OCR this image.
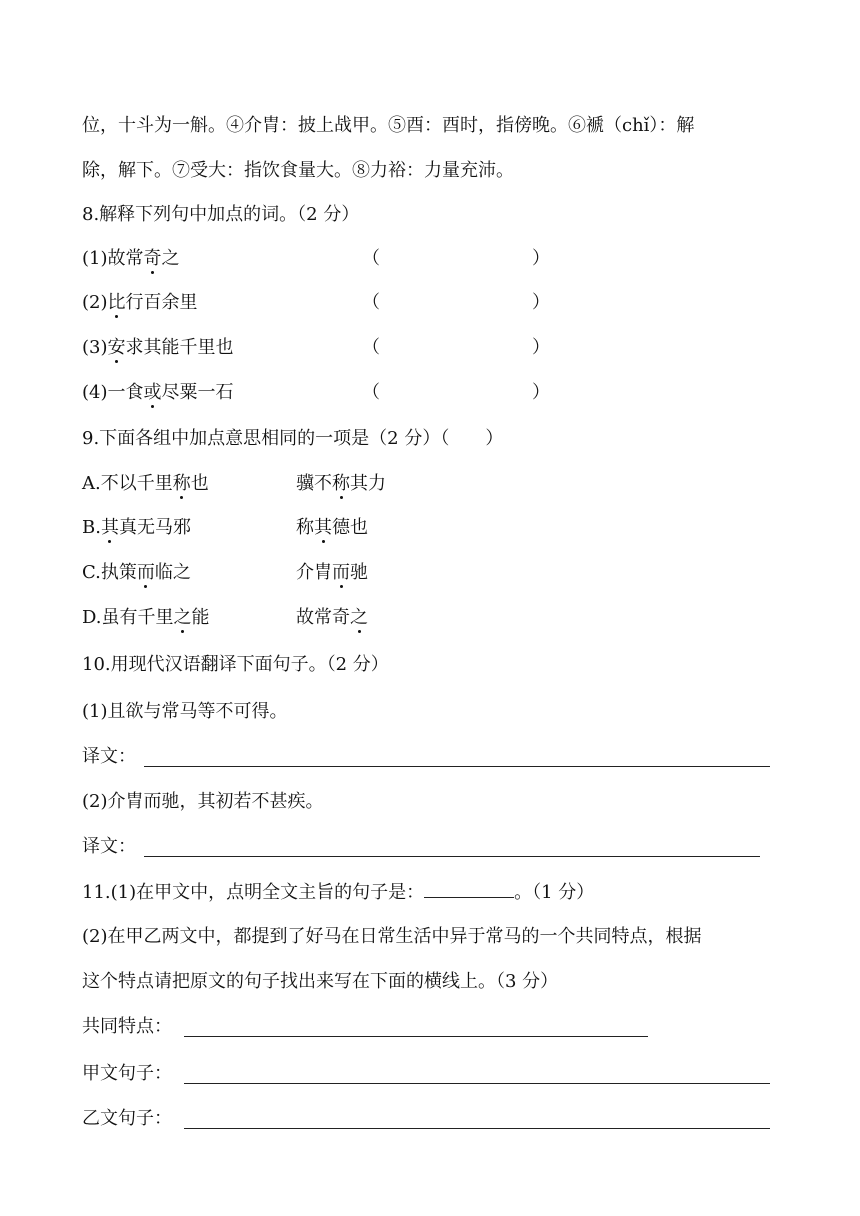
位，十斗为一斛。④介胄：披上战甲。⑤酉：酉时，指傍晚。⑥褫（chǐ）：解
除，解下。⑦受大：指饮食量大。⑧力裕：力量充沛。
8.解释下列句中加点的词。（2 分）
(1)故常奇之	（	）
(2)比行百余里	（	）
(3)安求其能千里也	（	）
(4)一食或尽粟一石	（	）
9.下面各组中加点意思相同的一项是（2 分）（　　）
A.不以千里称也	骥不称其力
B.其真无马邪	称其德也
C.执策而临之	介胄而驰
D.虽有千里之能	故常奇之
10.用现代汉语翻译下面句子。（2 分）
(1)且欲与常马等不可得。
译文：
(2)介胄而驰，其初若不甚疾。
译文：
11.(1)在甲文中，点明全文主旨的句子是：	。（1 分）
(2)在甲乙两文中，都提到了好马在日常生活中异于常马的一个共同特点，根据
这个特点请把原文的句子找出来写在下面的横线上。（3 分）
共同特点：
甲文句子：
乙文句子：
